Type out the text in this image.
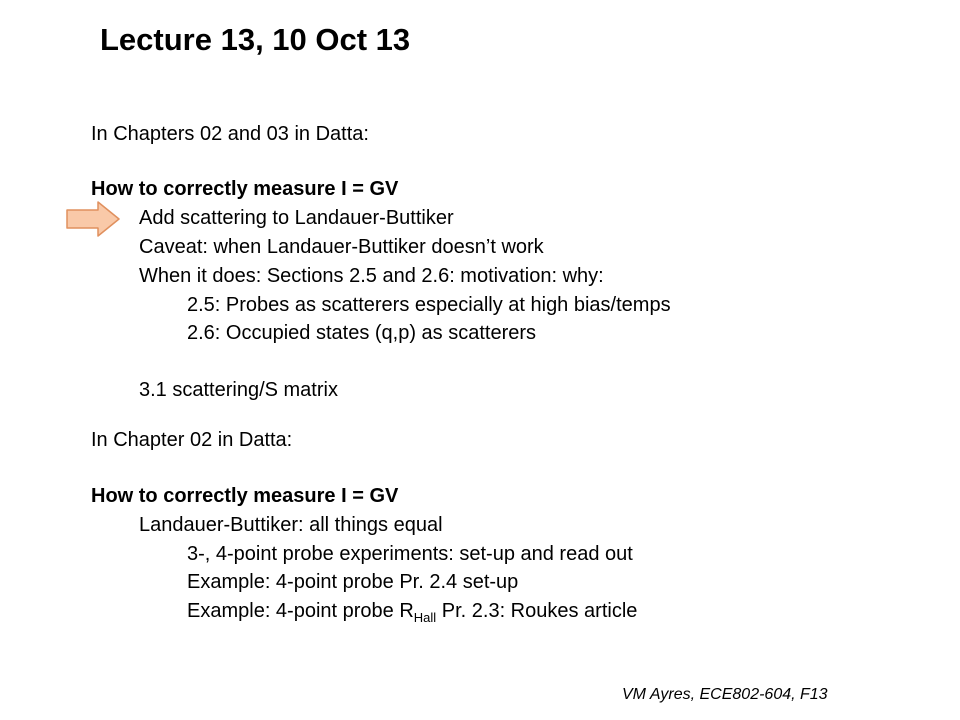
Lecture 13, 10 Oct 13
In Chapters 02 and 03 in Datta:
How to correctly measure I = GV
Add scattering to Landauer-Buttiker
Caveat: when Landauer-Buttiker doesn’t work
When it does: Sections 2.5 and 2.6: motivation: why:
2.5: Probes as scatterers especially at high bias/temps
2.6: Occupied states (q,p) as scatterers
3.1 scattering/S matrix
In Chapter 02 in Datta:
How to correctly measure I = GV
Landauer-Buttiker: all things equal
3-, 4-point probe experiments: set-up and read out
Example: 4-point probe Pr. 2.4 set-up
Example: 4-point probe $R_{Hall}$ Pr. 2.3: Roukes article
VM Ayres, ECE802-604, F13
